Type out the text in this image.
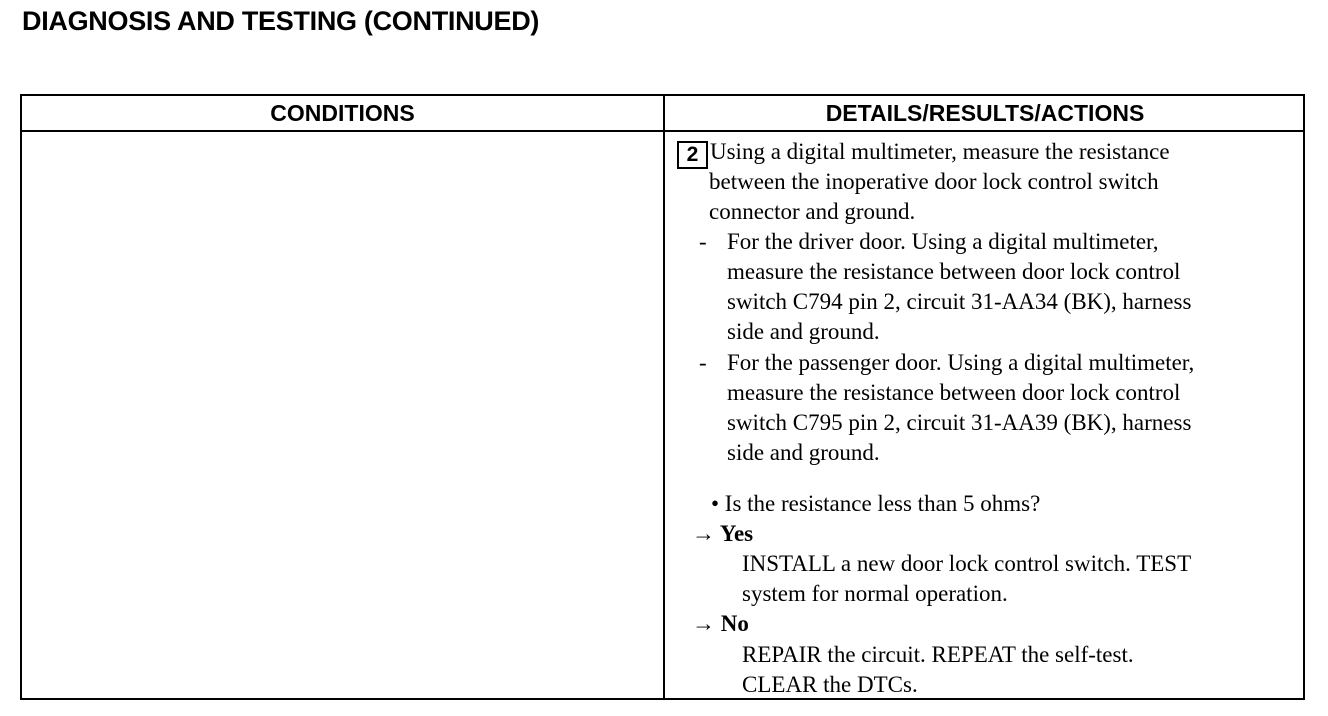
DIAGNOSIS AND TESTING (CONTINUED)
CONDITIONS	DETAILS/RESULTS/ACTIONS
2 Using a digital multimeter, measure the resistance
between the inoperative door lock control switch
connector and ground.
- For the driver door. Using a digital multimeter,
measure the resistance between door lock control
switch C794 pin 2, circuit 31-AA34 (BK), harness
side and ground.
- For the passenger door. Using a digital multimeter,
measure the resistance between door lock control
switch C795 pin 2, circuit 31-AA39 (BK), harness
side and ground.
• Is the resistance less than 5 ohms?
→ Yes
INSTALL a new door lock control switch. TEST
system for normal operation.
→ No
REPAIR the circuit. REPEAT the self-test.
CLEAR the DTCs.
